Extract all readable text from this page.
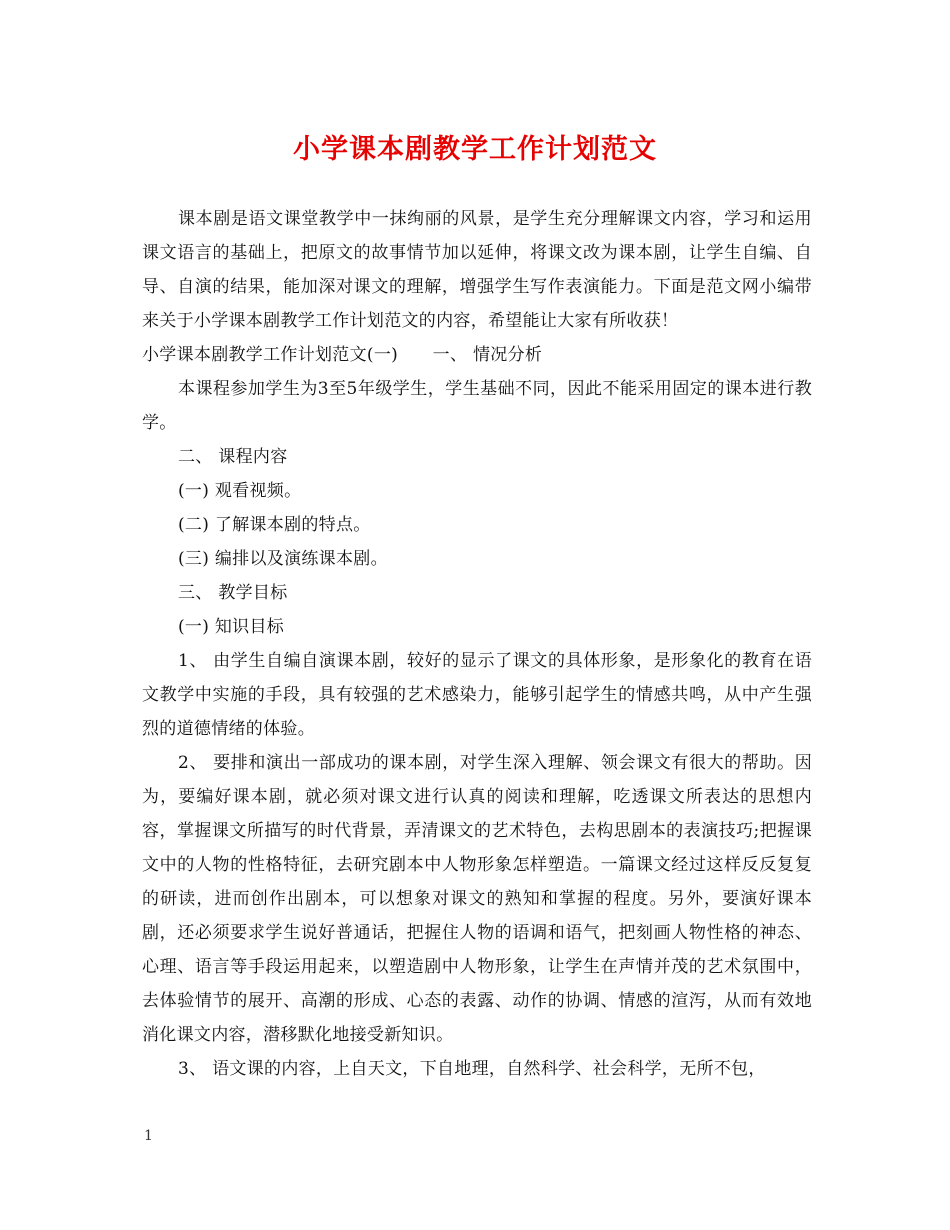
小学课本剧教学工作计划范文

课本剧是语文课堂教学中一抹绚丽的风景，是学生充分理解课文内容，学习和运用课文语言的基础上，把原文的故事情节加以延伸，将课文改为课本剧，让学生自编、自导、自演的结果，能加深对课文的理解，增强学生写作表演能力。下面是范文网小编带来关于小学课本剧教学工作计划范文的内容，希望能让大家有所收获！

小学课本剧教学工作计划范文(一)　　一、 情况分析

本课程参加学生为3至5年级学生，学生基础不同，因此不能采用固定的课本进行教学。

二、 课程内容

(一) 观看视频。

(二) 了解课本剧的特点。

(三) 编排以及演练课本剧。

三、 教学目标

(一) 知识目标

1、 由学生自编自演课本剧，较好的显示了课文的具体形象，是形象化的教育在语文教学中实施的手段，具有较强的艺术感染力，能够引起学生的情感共鸣，从中产生强烈的道德情绪的体验。

2、 要排和演出一部成功的课本剧，对学生深入理解、领会课文有很大的帮助。因为，要编好课本剧，就必须对课文进行认真的阅读和理解，吃透课文所表达的思想内容，掌握课文所描写的时代背景，弄清课文的艺术特色，去构思剧本的表演技巧;把握课文中的人物的性格特征，去研究剧本中人物形象怎样塑造。一篇课文经过这样反反复复的研读，进而创作出剧本，可以想象对课文的熟知和掌握的程度。另外，要演好课本剧，还必须要求学生说好普通话，把握住人物的语调和语气，把刻画人物性格的神态、心理、语言等手段运用起来，以塑造剧中人物形象，让学生在声情并茂的艺术氛围中，去体验情节的展开、高潮的形成、心态的表露、动作的协调、情感的渲泻，从而有效地消化课文内容，潜移默化地接受新知识。

3、 语文课的内容，上自天文，下自地理，自然科学、社会科学，无所不包，

1
